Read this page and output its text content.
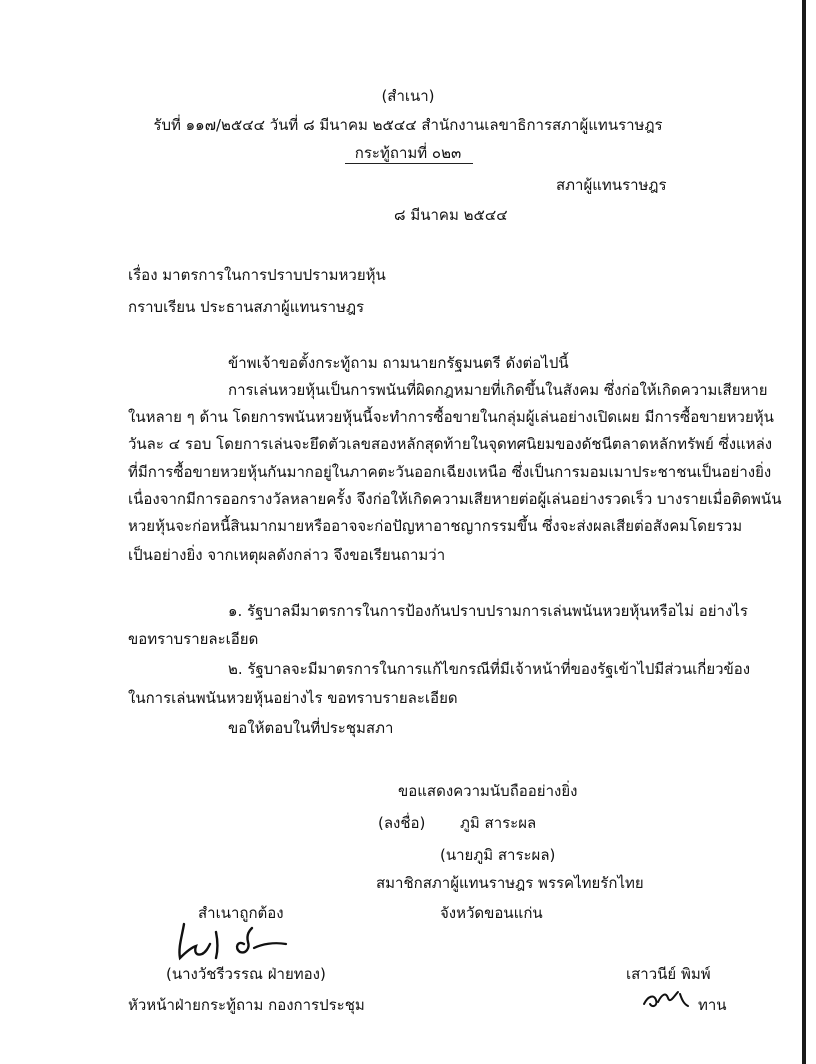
(สำเนา)
รับที่ ๑๑๗/๒๕๔๔ วันที่ ๘ มีนาคม ๒๕๔๔ สำนักงานเลขาธิการสภาผู้แทนราษฎร
กระทู้ถามที่ ๐๒๓
สภาผู้แทนราษฎร
๘ มีนาคม ๒๕๔๔
เรื่อง มาตรการในการปราบปรามหวยหุ้น
กราบเรียน ประธานสภาผู้แทนราษฎร
ข้าพเจ้าขอตั้งกระทู้ถาม ถามนายกรัฐมนตรี ดังต่อไปนี้
การเล่นหวยหุ้นเป็นการพนันที่ผิดกฎหมายที่เกิดขึ้นในสังคม ซึ่งก่อให้เกิดความเสียหาย
ในหลาย ๆ ด้าน โดยการพนันหวยหุ้นนี้จะทำการซื้อขายในกลุ่มผู้เล่นอย่างเปิดเผย มีการซื้อขายหวยหุ้น
วันละ ๔ รอบ โดยการเล่นจะยึดตัวเลขสองหลักสุดท้ายในจุดทศนิยมของดัชนีตลาดหลักทรัพย์ ซึ่งแหล่ง
ที่มีการซื้อขายหวยหุ้นกันมากอยู่ในภาคตะวันออกเฉียงเหนือ ซึ่งเป็นการมอมเมาประชาชนเป็นอย่างยิ่ง
เนื่องจากมีการออกรางวัลหลายครั้ง จึงก่อให้เกิดความเสียหายต่อผู้เล่นอย่างรวดเร็ว บางรายเมื่อติดพนัน
หวยหุ้นจะก่อหนี้สินมากมายหรืออาจจะก่อปัญหาอาชญากรรมขึ้น ซึ่งจะส่งผลเสียต่อสังคมโดยรวม
เป็นอย่างยิ่ง จากเหตุผลดังกล่าว จึงขอเรียนถามว่า
๑. รัฐบาลมีมาตรการในการป้องกันปราบปรามการเล่นพนันหวยหุ้นหรือไม่ อย่างไร
ขอทราบรายละเอียด
๒. รัฐบาลจะมีมาตรการในการแก้ไขกรณีที่มีเจ้าหน้าที่ของรัฐเข้าไปมีส่วนเกี่ยวข้อง
ในการเล่นพนันหวยหุ้นอย่างไร ขอทราบรายละเอียด
ขอให้ตอบในที่ประชุมสภา
ขอแสดงความนับถืออย่างยิ่ง
(ลงชื่อ) ภูมิ สาระผล
(นายภูมิ สาระผล)
สมาชิกสภาผู้แทนราษฎร พรรคไทยรักไทย
จังหวัดขอนแก่น
สำเนาถูกต้อง
(นางวัชรีวรรณ ฝ่ายทอง)
หัวหน้าฝ่ายกระทู้ถาม กองการประชุม
เสาวนีย์ พิมพ์
ทาน
